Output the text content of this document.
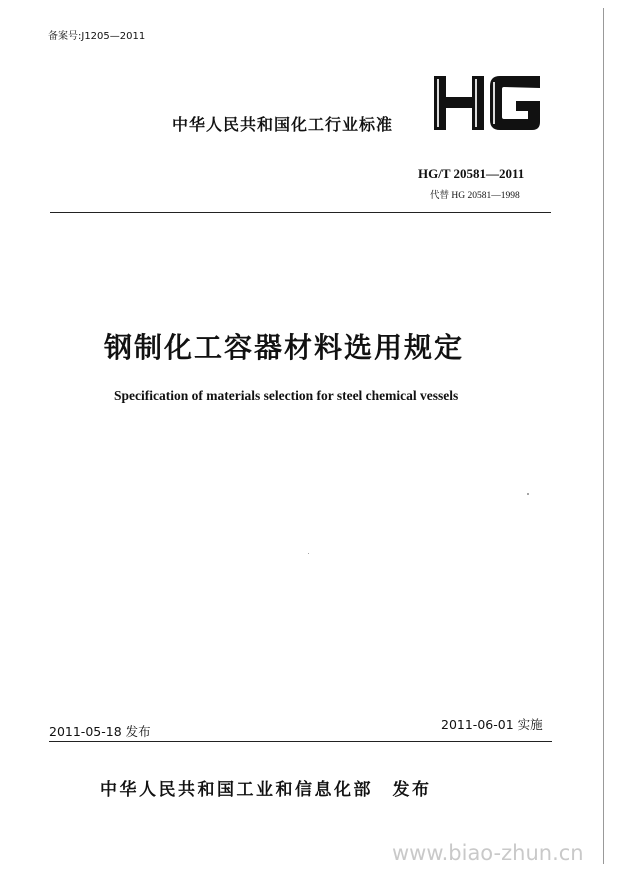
备案号:J1205—2011
中华人民共和国化工行业标准
HG/T 20581—2011
代替 HG 20581—1998
钢制化工容器材料选用规定
Specification of materials selection for steel chemical vessels
2011-05-18 发布	2011-06-01 实施
中华人民共和国工业和信息化部　发布
www.biao-zhun.cn
